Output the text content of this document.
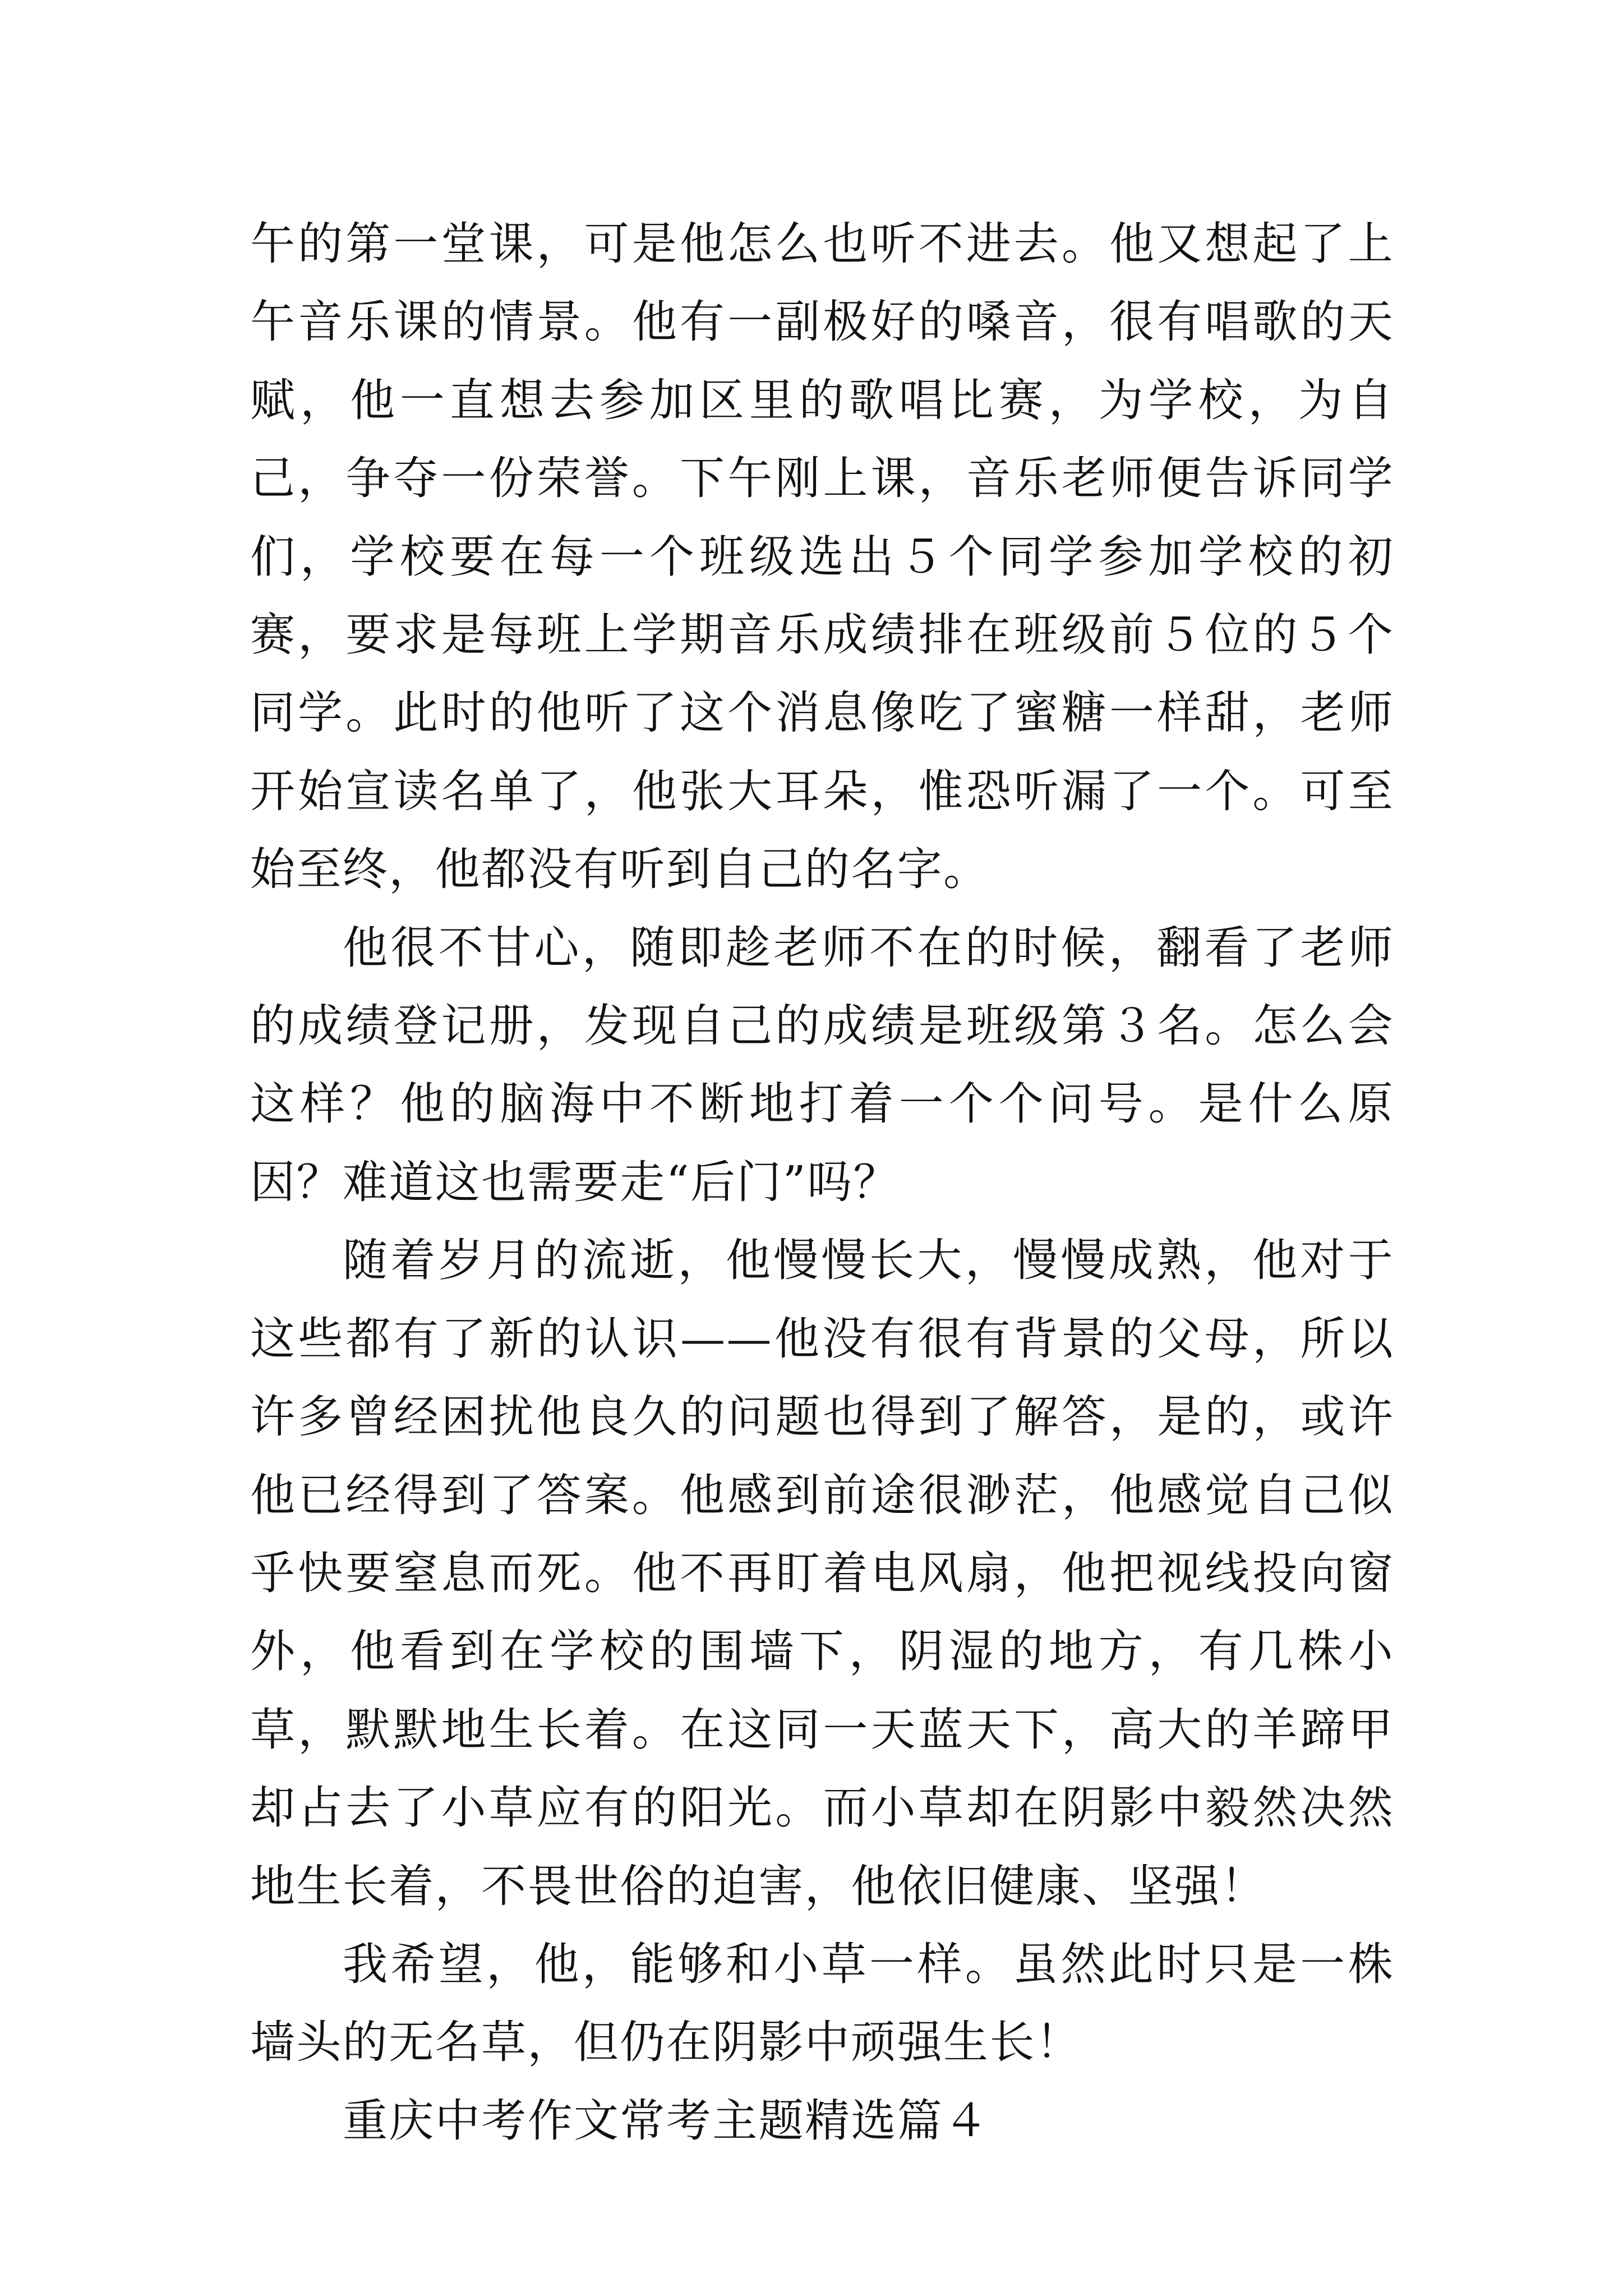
午的第一堂课，可是他怎么也听不进去。他又想起了上午音乐课的情景。他有一副极好的嗓音，很有唱歌的天赋，他一直想去参加区里的歌唱比赛，为学校，为自己，争夺一份荣誉。下午刚上课，音乐老师便告诉同学们，学校要在每一个班级选出５个同学参加学校的初赛，要求是每班上学期音乐成绩排在班级前５位的５个同学。此时的他听了这个消息像吃了蜜糖一样甜，老师开始宣读名单了，他张大耳朵，惟恐听漏了一个。可至始至终，他都没有听到自己的名字。

他很不甘心，随即趁老师不在的时候，翻看了老师的成绩登记册，发现自己的成绩是班级第３名。怎么会这样？他的脑海中不断地打着一个个问号。是什么原因？难道这也需要走“后门”吗？

随着岁月的流逝，他慢慢长大，慢慢成熟，他对于这些都有了新的认识——他没有很有背景的父母，所以许多曾经困扰他良久的问题也得到了解答，是的，或许他已经得到了答案。他感到前途很渺茫，他感觉自己似乎快要窒息而死。他不再盯着电风扇，他把视线投向窗外，他看到在学校的围墙下，阴湿的地方，有几株小草，默默地生长着。在这同一天蓝天下，高大的羊蹄甲却占去了小草应有的阳光。而小草却在阴影中毅然决然地生长着，不畏世俗的迫害，他依旧健康、坚强！

我希望，他，能够和小草一样。虽然此时只是一株墙头的无名草，但仍在阴影中顽强生长！

重庆中考作文常考主题精选篇４
